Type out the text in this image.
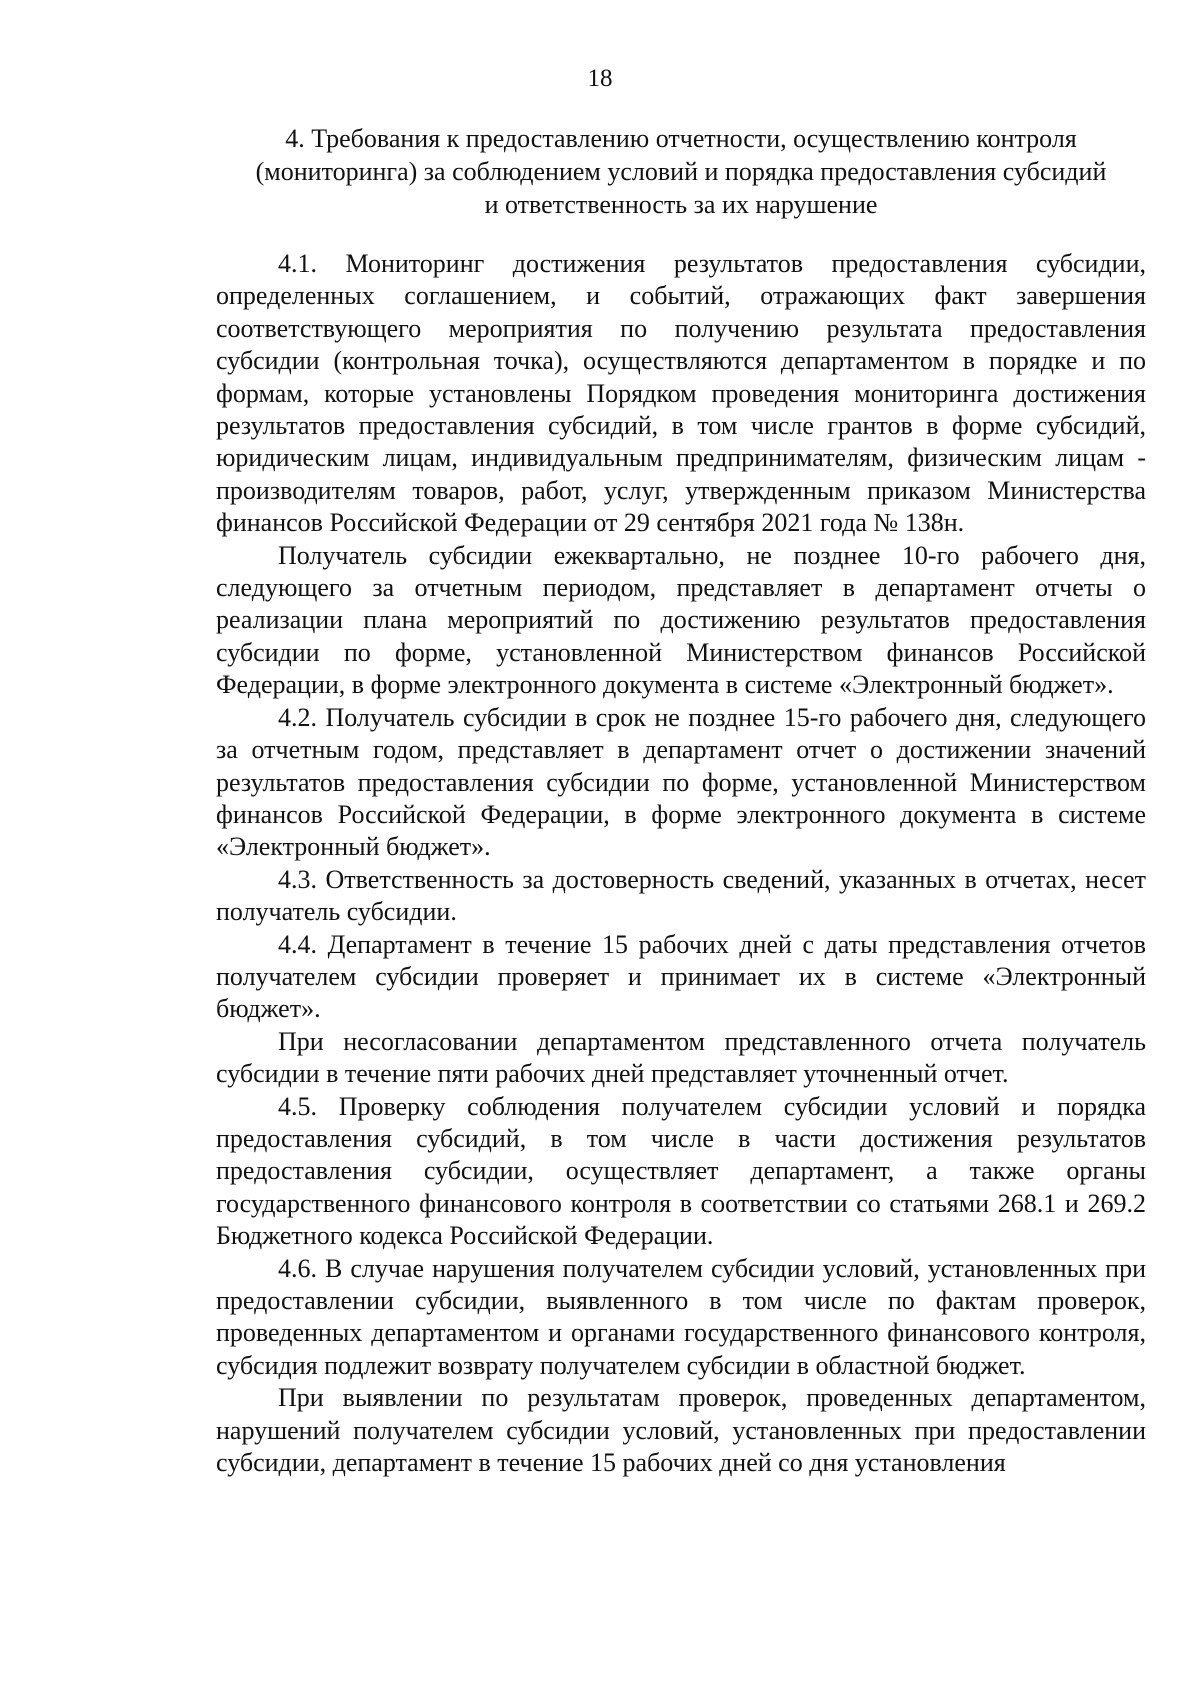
18
4. Требования к предоставлению отчетности, осуществлению контроля
(мониторинга) за соблюдением условий и порядка предоставления субсидий
и ответственность за их нарушение

4.1. Мониторинг достижения результатов предоставления субсидии, определенных соглашением, и событий, отражающих факт завершения соответствующего мероприятия по получению результата предоставления субсидии (контрольная точка), осуществляются департаментом в порядке и по формам, которые установлены Порядком проведения мониторинга достижения результатов предоставления субсидий, в том числе грантов в форме субсидий, юридическим лицам, индивидуальным предпринимателям, физическим лицам - производителям товаров, работ, услуг, утвержденным приказом Министерства финансов Российской Федерации от 29 сентября 2021 года № 138н.

Получатель субсидии ежеквартально, не позднее 10-го рабочего дня, следующего за отчетным периодом, представляет в департамент отчеты о реализации плана мероприятий по достижению результатов предоставления субсидии по форме, установленной Министерством финансов Российской Федерации, в форме электронного документа в системе «Электронный бюджет».

4.2. Получатель субсидии в срок не позднее 15-го рабочего дня, следующего за отчетным годом, представляет в департамент отчет о достижении значений результатов предоставления субсидии по форме, установленной Министерством финансов Российской Федерации, в форме электронного документа в системе «Электронный бюджет».

4.3. Ответственность за достоверность сведений, указанных в отчетах, несет получатель субсидии.

4.4. Департамент в течение 15 рабочих дней с даты представления отчетов получателем субсидии проверяет и принимает их в системе «Электронный бюджет».

При несогласовании департаментом представленного отчета получатель субсидии в течение пяти рабочих дней представляет уточненный отчет.

4.5. Проверку соблюдения получателем субсидии условий и порядка предоставления субсидий, в том числе в части достижения результатов предоставления субсидии, осуществляет департамент, а также органы государственного финансового контроля в соответствии со статьями 268.1 и 269.2 Бюджетного кодекса Российской Федерации.

4.6. В случае нарушения получателем субсидии условий, установленных при предоставлении субсидии, выявленного в том числе по фактам проверок, проведенных департаментом и органами государственного финансового контроля, субсидия подлежит возврату получателем субсидии в областной бюджет.

При выявлении по результатам проверок, проведенных департаментом, нарушений получателем субсидии условий, установленных при предоставлении субсидии, департамент в течение 15 рабочих дней со дня установления
